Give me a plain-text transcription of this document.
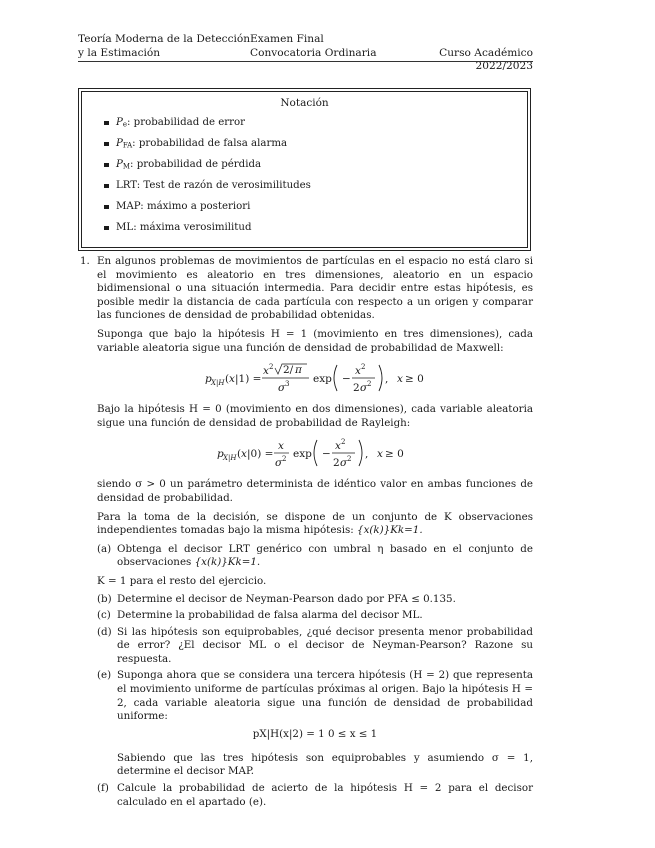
Teoría Moderna de la Detección
y la Estimación
Examen Final
Convocatoria Ordinaria	Curso Académico 2022/2023
Notación
$P_e$: probabilidad de error
$P_{FA}$: probabilidad de falsa alarma
$P_M$: probabilidad de pérdida
LRT: Test de razón de verosimilitudes
MAP: máximo a posteriori
ML: máxima verosimilitud
1. En algunos problemas de movimientos de partículas en el espacio no está claro si el movimiento es aleatorio en tres dimensiones, aleatorio en un espacio bidimensional o una situación intermedia. Para decidir entre estas hipótesis, es posible medir la distancia de cada partícula con respecto a un origen y comparar las funciones de densidad de probabilidad obtenidas.

Suponga que bajo la hipótesis H = 1 (movimiento en tres dimensiones), cada variable aleatoria sigue una función de densidad de probabilidad de Maxwell:

p X|H ( x |1) =
x 2 2/ π
σ 3 exp −
x 2
2 σ 2 , x ≥ 0

Bajo la hipótesis H = 0 (movimiento en dos dimensiones), cada variable aleatoria sigue una función de densidad de probabilidad de Rayleigh:

p X|H ( x |0) =
x
σ 2 exp −
x 2
2 σ 2 , x ≥ 0

siendo σ > 0 un parámetro determinista de idéntico valor en ambas funciones de densidad de probabilidad.

Para la toma de la decisión, se dispone de un conjunto de K observaciones independientes tomadas bajo la misma hipótesis: {x(k)}Kk=1.

(a) Obtenga el decisor LRT genérico con umbral η basado en el conjunto de observaciones {x(k)}Kk=1.

K = 1 para el resto del ejercicio.

(b) Determine el decisor de Neyman-Pearson dado por PFA ≤ 0.135.
(c) Determine la probabilidad de falsa alarma del decisor ML.
(d) Si las hipótesis son equiprobables, ¿qué decisor presenta menor probabilidad de error? ¿El decisor ML o el decisor de Neyman-Pearson? Razone su respuesta.
(e) Suponga ahora que se considera una tercera hipótesis (H = 2) que representa el movimiento uniforme de partículas próximas al origen. Bajo la hipótesis H = 2, cada variable aleatoria sigue una función de densidad de probabilidad uniforme:
pX|H(x|2) = 1 0 ≤ x ≤ 1
Sabiendo que las tres hipótesis son equiprobables y asumiendo σ = 1, determine el decisor MAP.
(f) Calcule la probabilidad de acierto de la hipótesis H = 2 para el decisor calculado en el apartado (e).
